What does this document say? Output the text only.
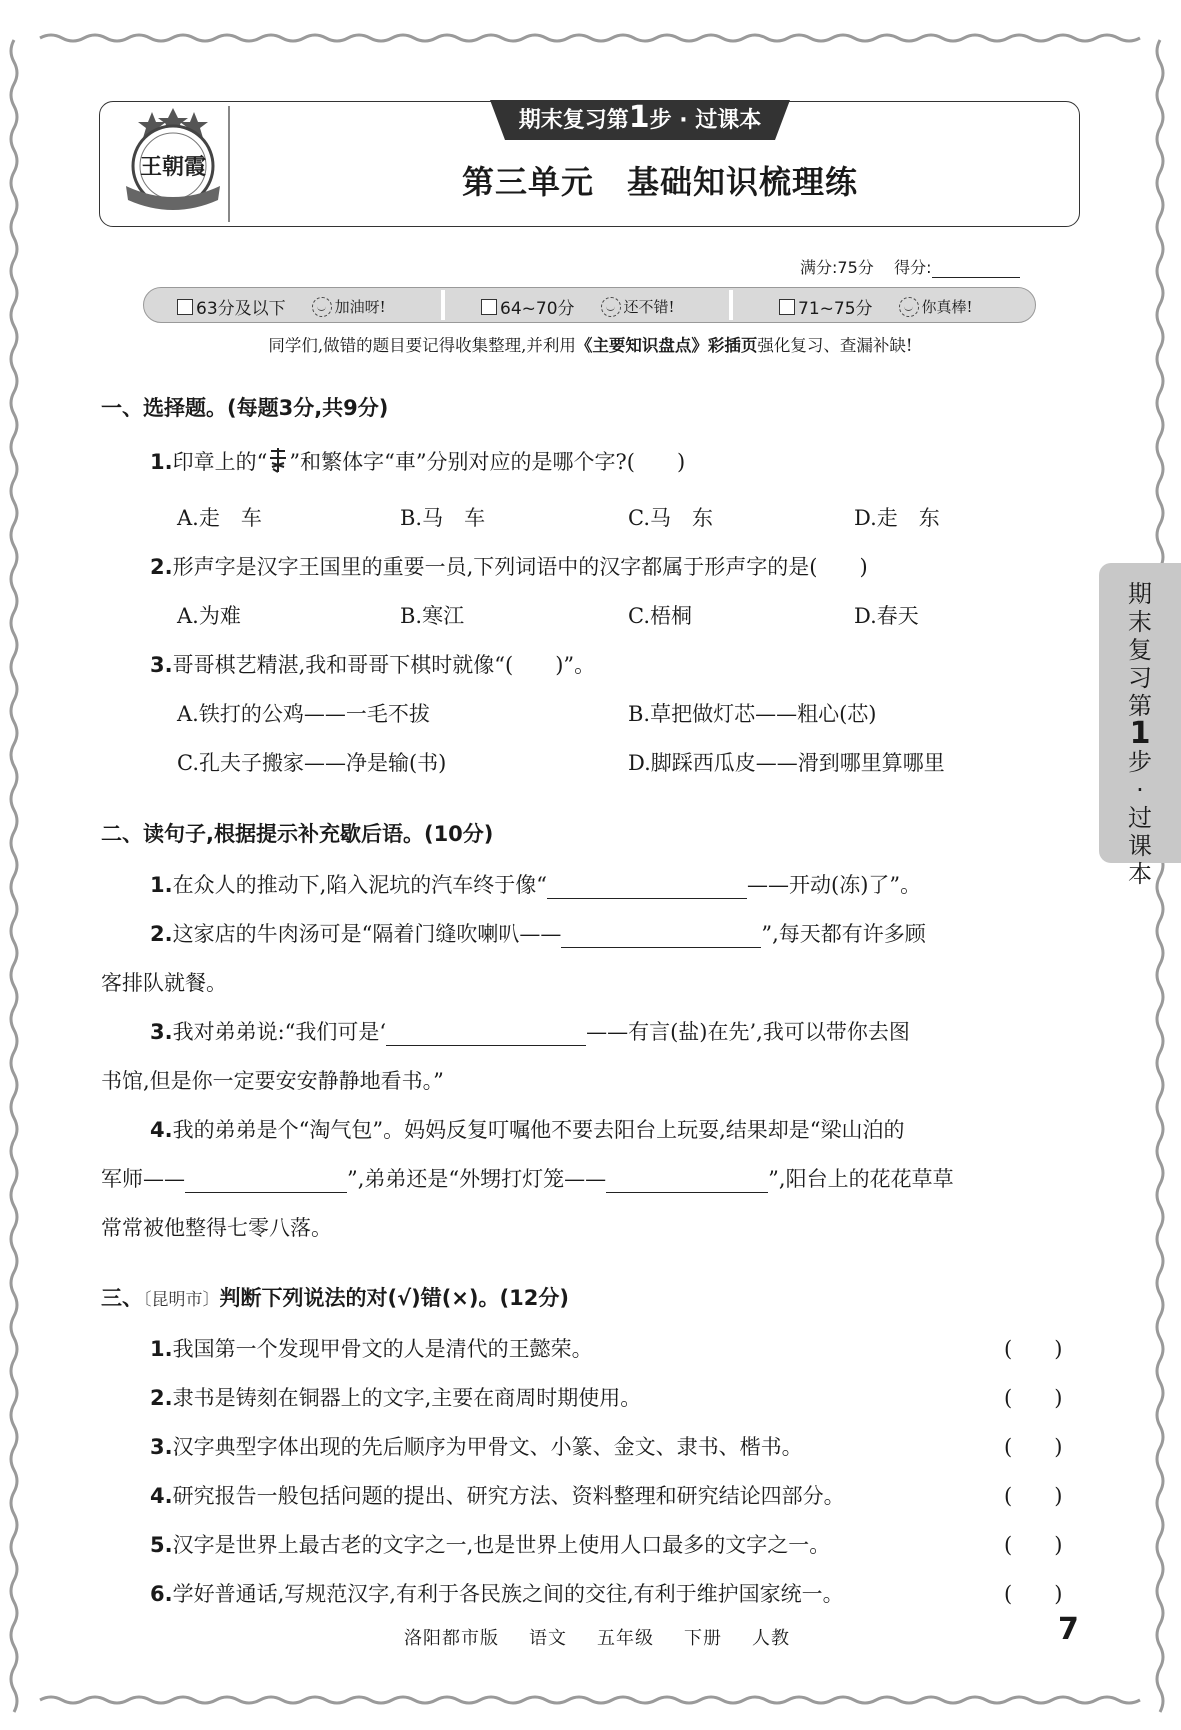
王朝霞
期末复习第1步 · 过课本
第三单元　基础知识梳理练
满分:75分 得分:
63分及以下	加油呀!	64~70分	还不错!	71~75分	你真棒!
同学们,做错的题目要记得收集整理,并利用《主要知识盘点》彩插页强化复习、查漏补缺!
一、选择题。(每题3分,共9分)
1.印章上的“ ”和繁体字“車”分别对应的是哪个字?(　　)
A.走　车	B.马　车	C.马　东	D.走　东
2.形声字是汉字王国里的重要一员,下列词语中的汉字都属于形声字的是(　　)
A.为难	B.寒江	C.梧桐	D.春天
3.哥哥棋艺精湛,我和哥哥下棋时就像“(　　)”。
A.铁打的公鸡——一毛不拔	B.草把做灯芯——粗心(芯)
C.孔夫子搬家——净是输(书)	D.脚踩西瓜皮——滑到哪里算哪里
二、读句子,根据提示补充歇后语。(10分)
1.在众人的推动下,陷入泥坑的汽车终于像“	——开动(冻)了”。
2.这家店的牛肉汤可是“隔着门缝吹喇叭——	”,每天都有许多顾
客排队就餐。
3.我对弟弟说:“我们可是‘	——有言(盐)在先’,我可以带你去图
书馆,但是你一定要安安静静地看书。”
4.我的弟弟是个“淘气包”。妈妈反复叮嘱他不要去阳台上玩耍,结果却是“梁山泊的
军师——	”,弟弟还是“外甥打灯笼——	”,阳台上的花花草草
常常被他整得七零八落。
三、〔昆明市〕判断下列说法的对(√)错(×)。(12分)
1.我国第一个发现甲骨文的人是清代的王懿荣。	(　　)
2.隶书是铸刻在铜器上的文字,主要在商周时期使用。	(　　)
3.汉字典型字体出现的先后顺序为甲骨文、小篆、金文、隶书、楷书。	(　　)
4.研究报告一般包括问题的提出、研究方法、资料整理和研究结论四部分。	(　　)
5.汉字是世界上最古老的文字之一,也是世界上使用人口最多的文字之一。	(　　)
6.学好普通话,写规范汉字,有利于各民族之间的交往,有利于维护国家统一。	(　　)
期末复习第
1
步·过课本
洛阳都市版 语文 五年级 下册 人教	7
